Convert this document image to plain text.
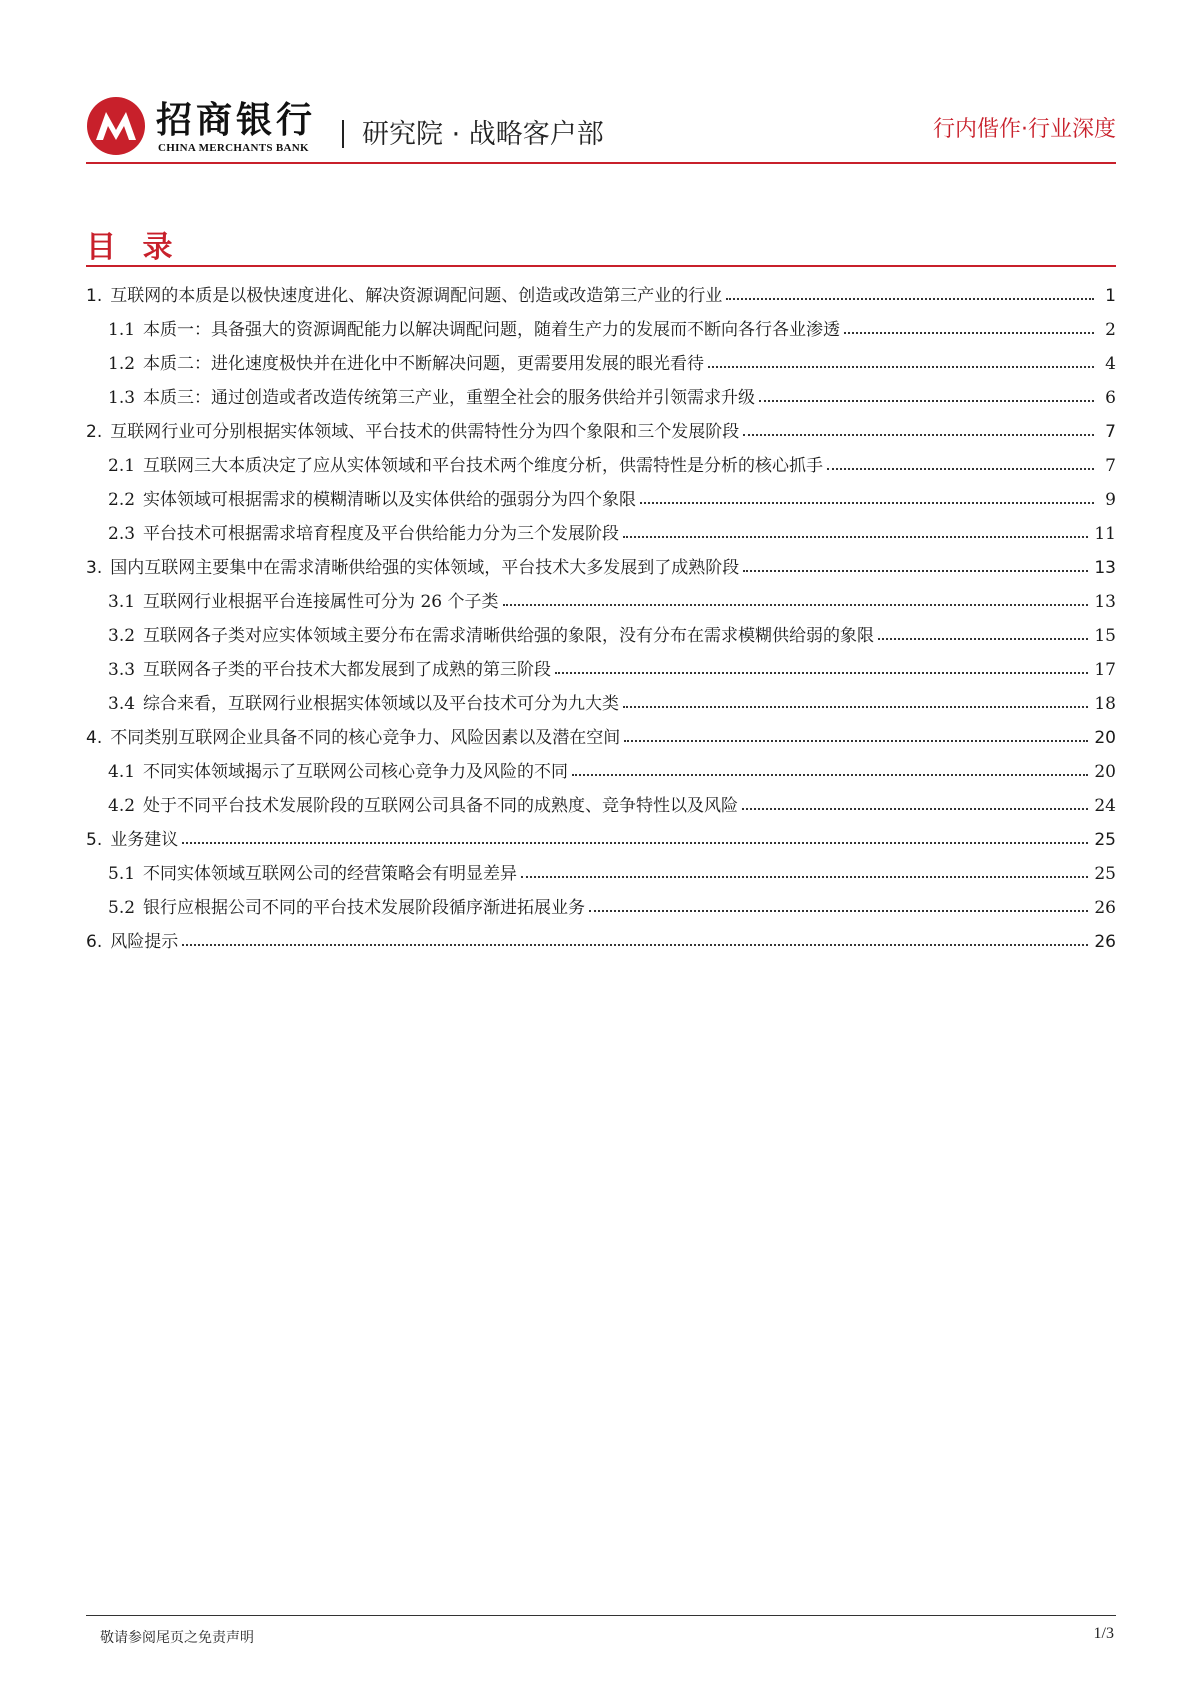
招商银行
CHINA MERCHANTS BANK 研究院 · 战略客户部	行内偕作·行业深度
目 录
1. 互联网的本质是以极快速度进化、解决资源调配问题、创造或改造第三产业的行业	1
1.1 本质一：具备强大的资源调配能力以解决调配问题，随着生产力的发展而不断向各行各业渗透	2
1.2 本质二：进化速度极快并在进化中不断解决问题，更需要用发展的眼光看待	4
1.3 本质三：通过创造或者改造传统第三产业，重塑全社会的服务供给并引领需求升级	6
2. 互联网行业可分别根据实体领域、平台技术的供需特性分为四个象限和三个发展阶段	7
2.1 互联网三大本质决定了应从实体领域和平台技术两个维度分析，供需特性是分析的核心抓手	7
2.2 实体领域可根据需求的模糊清晰以及实体供给的强弱分为四个象限	9
2.3 平台技术可根据需求培育程度及平台供给能力分为三个发展阶段	11
3. 国内互联网主要集中在需求清晰供给强的实体领域，平台技术大多发展到了成熟阶段	13
3.1 互联网行业根据平台连接属性可分为 26 个子类	13
3.2 互联网各子类对应实体领域主要分布在需求清晰供给强的象限，没有分布在需求模糊供给弱的象限	15
3.3 互联网各子类的平台技术大都发展到了成熟的第三阶段	17
3.4 综合来看，互联网行业根据实体领域以及平台技术可分为九大类	18
4. 不同类别互联网企业具备不同的核心竞争力、风险因素以及潜在空间	20
4.1 不同实体领域揭示了互联网公司核心竞争力及风险的不同	20
4.2 处于不同平台技术发展阶段的互联网公司具备不同的成熟度、竞争特性以及风险	24
5. 业务建议	25
5.1 不同实体领域互联网公司的经营策略会有明显差异	25
5.2 银行应根据公司不同的平台技术发展阶段循序渐进拓展业务	26
6. 风险提示	26
敬请参阅尾页之免责声明	1/3
